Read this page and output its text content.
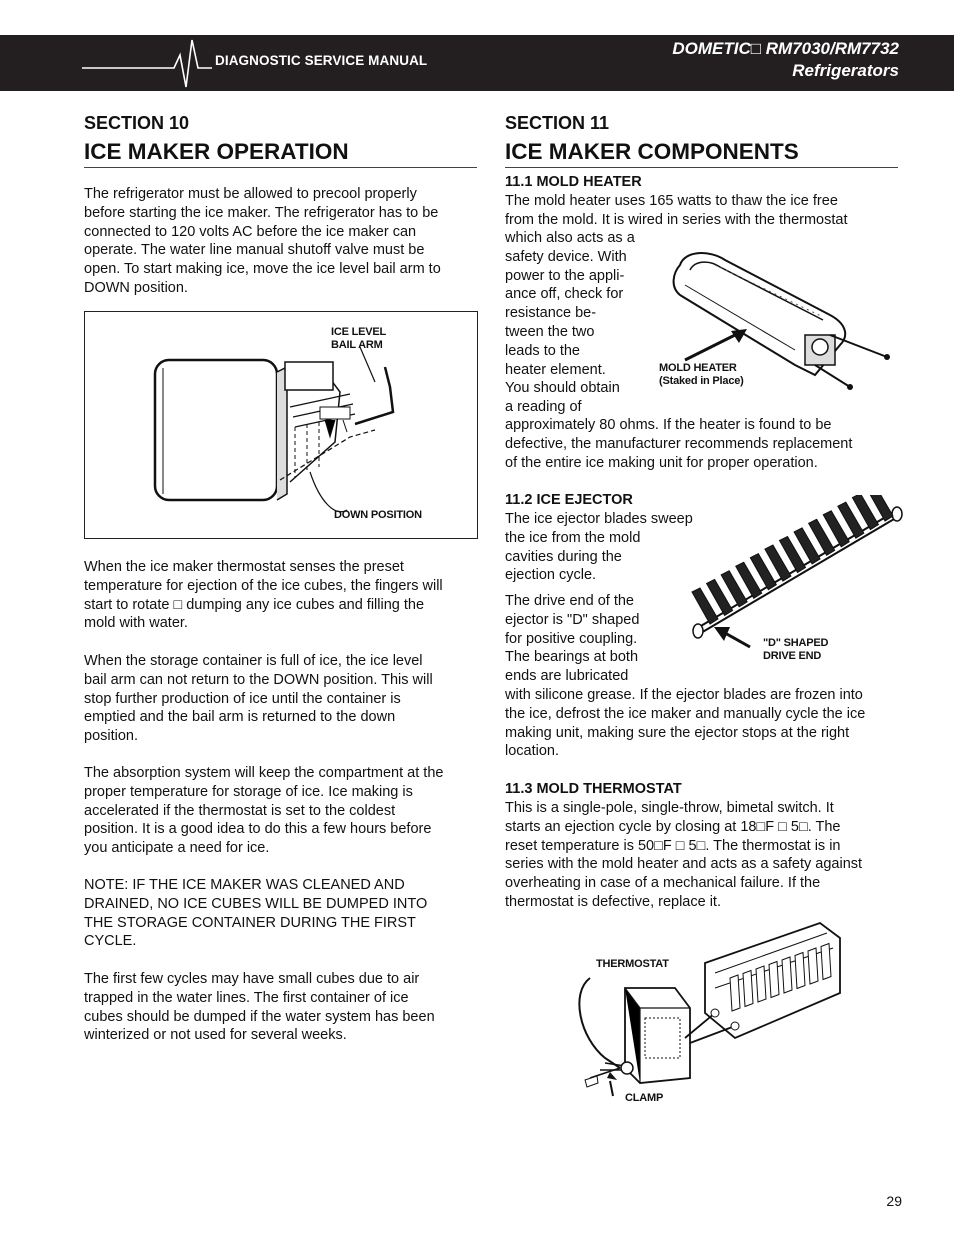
DIAGNOSTIC SERVICE MANUAL
DOMETIC□ RM7030/RM7732
Refrigerators
SECTION 10
ICE MAKER OPERATION
The refrigerator must be allowed to precool properly
before starting the ice maker. The refrigerator has to be
connected to 120 volts AC before the ice maker can
operate. The water line manual shutoff valve must be
open. To start making ice, move the ice level bail arm to
DOWN position.
ICE LEVEL
BAIL ARM
DOWN POSITION
When the ice maker thermostat senses the preset
temperature for ejection of the ice cubes, the fingers will
start to rotate □ dumping any ice cubes and filling the
mold with water.
When the storage container is full of ice, the ice level
bail arm can not return to the DOWN position. This will
stop further production of ice until the container is
emptied and the bail arm is returned to the down
position.
The absorption system will keep the compartment at the
proper temperature for storage of ice. Ice making is
accelerated if the thermostat is set to the coldest
position. It is a good idea to do this a few hours before
you anticipate a need for ice.
NOTE: IF THE ICE MAKER WAS CLEANED AND
DRAINED, NO ICE CUBES WILL BE DUMPED INTO
THE STORAGE CONTAINER DURING THE FIRST
CYCLE.
The first few cycles may have small cubes due to air
trapped in the water lines. The first container of ice
cubes should be dumped if the water system has been
winterized or not used for several weeks.
SECTION 11
ICE MAKER COMPONENTS
11.1 MOLD HEATER
The mold heater uses 165 watts to thaw the ice free
from the mold. It is wired in series with the thermostat
which also acts as a
safety device. With
power to the appli-
ance off, check for
resistance be-
tween the two
leads to the
heater element.
You should obtain
a reading of
MOLD HEATER
(Staked in Place)
approximately 80 ohms. If the heater is found to be
defective, the manufacturer recommends replacement
of the entire ice making unit for proper operation.
11.2 ICE EJECTOR
The ice ejector blades sweep
the ice from the mold
cavities during the
ejection cycle.
The drive end of the
ejector is "D" shaped
for positive coupling.
The bearings at both
ends are lubricated
"D" SHAPED
DRIVE END
with silicone grease. If the ejector blades are frozen into
the ice, defrost the ice maker and manually cycle the ice
making unit, making sure the ejector stops at the right
location.
11.3 MOLD THERMOSTAT
This is a single-pole, single-throw, bimetal switch. It
starts an ejection cycle by closing at 18□F □ 5□. The
reset temperature is 50□F □ 5□. The thermostat is in
series with the mold heater and acts as a safety against
overheating in case of a mechanical failure. If the
thermostat is defective, replace it.
THERMOSTAT
CLAMP
29
